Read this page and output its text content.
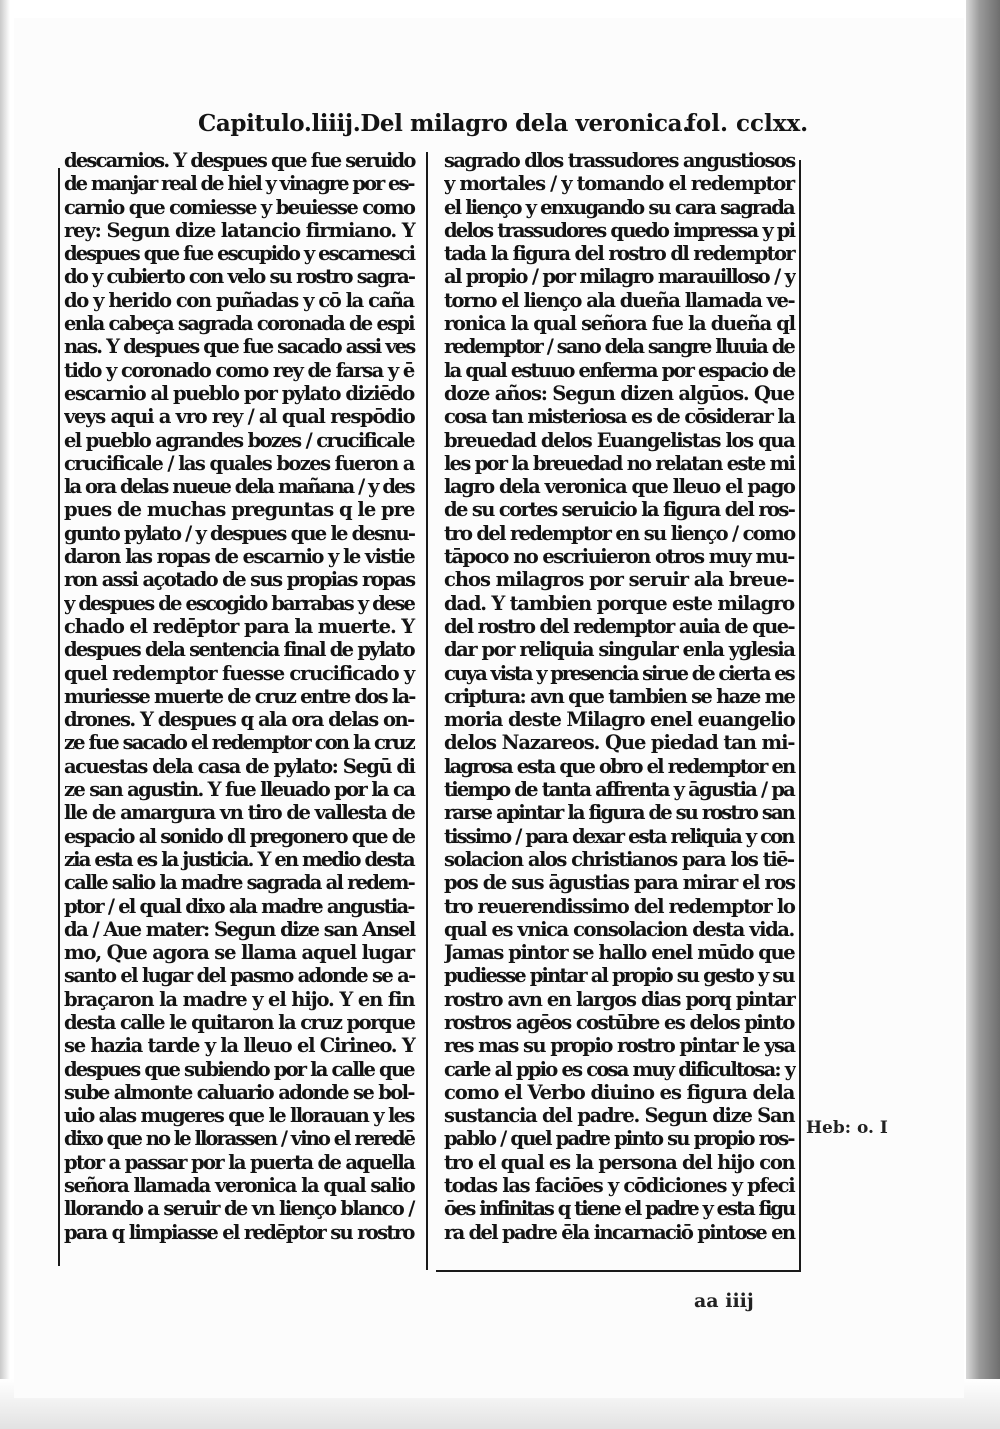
Capitulo.liiij.Del milagro dela veronica.
fol. cclxx.
descarnios. Y despues que fue seruido
de manjar real de hiel y vinagre por es-
carnio que comiesse y beuiesse como
rey: Segun dize latancio firmiano. Y
despues que fue escupido y escarnesci
do y cubierto con velo su rostro sagra-
do y herido con puñadas y cō la caña
enla cabeça sagrada coronada de espi
nas. Y despues que fue sacado assi ves
tido y coronado como rey de farsa y ē
escarnio al pueblo por pylato diziēdo
veys aqui a vro rey / al qual respōdio
el pueblo agrandes bozes / crucificale
crucificale / las quales bozes fueron a
la ora delas nueue dela mañana / y des
pues de muchas preguntas q le pre
gunto pylato / y despues que le desnu-
daron las ropas de escarnio y le vistie
ron assi açotado de sus propias ropas
y despues de escogido barrabas y dese
chado el redēptor para la muerte. Y
despues dela sentencia final de pylato
quel redemptor fuesse crucificado y
muriesse muerte de cruz entre dos la-
drones. Y despues q ala ora delas on-
ze fue sacado el redemptor con la cruz
acuestas dela casa de pylato: Segū di
ze san agustin. Y fue lleuado por la ca
lle de amargura vn tiro de vallesta de
espacio al sonido dl pregonero que de
zia esta es la justicia. Y en medio desta
calle salio la madre sagrada al redem-
ptor / el qual dixo ala madre angustia-
da / Aue mater: Segun dize san Ansel
mo, Que agora se llama aquel lugar
santo el lugar del pasmo adonde se a-
braçaron la madre y el hijo. Y en fin
desta calle le quitaron la cruz porque
se hazia tarde y la lleuo el Cirineo. Y
despues que subiendo por la calle que
sube almonte caluario adonde se bol-
uio alas mugeres que le llorauan y les
dixo que no le llorassen / vino el reredē
ptor a passar por la puerta de aquella
señora llamada veronica la qual salio
llorando a seruir de vn lienço blanco /
para q limpiasse el redēptor su rostro
sagrado dlos trassudores angustiosos
y mortales / y tomando el redemptor
el lienço y enxugando su cara sagrada
delos trassudores quedo impressa y pi
tada la figura del rostro dl redemptor
al propio / por milagro marauilloso / y
torno el lienço ala dueña llamada ve-
ronica la qual señora fue la dueña ql
redemptor / sano dela sangre lluuia de
la qual estuuo enferma por espacio de
doze años: Segun dizen algūos. Que
cosa tan misteriosa es de cōsiderar la
breuedad delos Euangelistas los qua
les por la breuedad no relatan este mi
lagro dela veronica que lleuo el pago
de su cortes seruicio la figura del ros-
tro del redemptor en su lienço / como
tāpoco no escriuieron otros muy mu-
chos milagros por seruir ala breue-
dad. Y tambien porque este milagro
del rostro del redemptor auia de que-
dar por reliquia singular enla yglesia
cuya vista y presencia sirue de cierta es
criptura: avn que tambien se haze me
moria deste Milagro enel euangelio
delos Nazareos. Que piedad tan mi-
lagrosa esta que obro el redemptor en
tiempo de tanta affrenta y āgustia / pa
rarse apintar la figura de su rostro san
tissimo / para dexar esta reliquia y con
solacion alos christianos para los tiē-
pos de sus āgustias para mirar el ros
tro reuerendissimo del redemptor lo
qual es vnica consolacion desta vida.
Jamas pintor se hallo enel mūdo que
pudiesse pintar al propio su gesto y su
rostro avn en largos dias porq pintar
rostros agēos costūbre es delos pinto
res mas su propio rostro pintar le ysa
carle al ppio es cosa muy dificultosa: y
como el Verbo diuino es figura dela
sustancia del padre. Segun dize San
pablo / quel padre pinto su propio ros-
tro el qual es la persona del hijo con
todas las faciōes y cōdiciones y pfeci
ōes infinitas q tiene el padre y esta figu
ra del padre ēla incarnaciō pintose en
Heb: o. I
aa iiij
